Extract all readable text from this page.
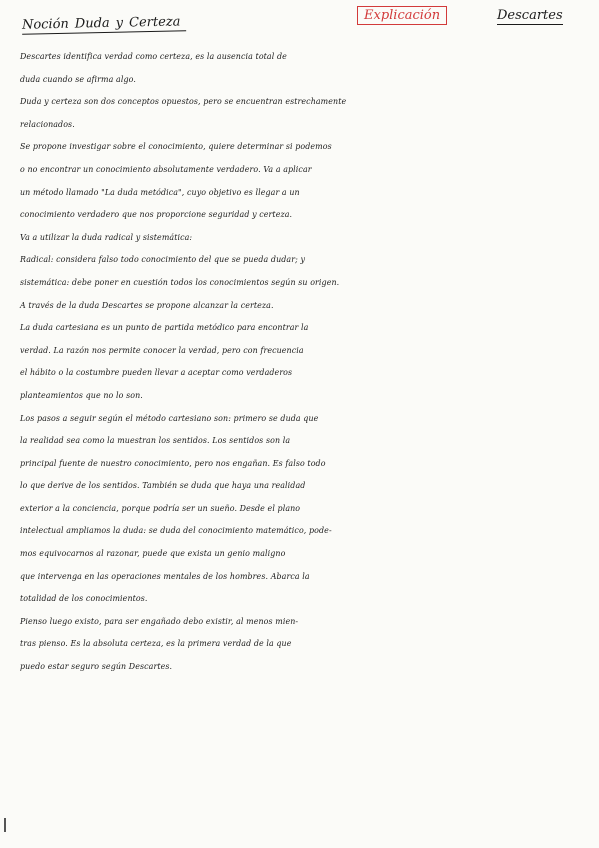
Noción Duda y Certeza	Explicación	Descartes
Descartes identifica verdad como certeza, es la ausencia total de
duda cuando se afirma algo.
Duda y certeza son dos conceptos opuestos, pero se encuentran estrechamente
relacionados.
Se propone investigar sobre el conocimiento, quiere determinar si podemos
o no encontrar un conocimiento absolutamente verdadero. Va a aplicar
un método llamado "La duda metódica", cuyo objetivo es llegar a un
conocimiento verdadero que nos proporcione seguridad y certeza.
Va a utilizar la duda radical y sistemática:
Radical: considera falso todo conocimiento del que se pueda dudar; y
sistemática: debe poner en cuestión todos los conocimientos según su origen.
A través de la duda Descartes se propone alcanzar la certeza.
La duda cartesiana es un punto de partida metódico para encontrar la
verdad. La razón nos permite conocer la verdad, pero con frecuencia
el hábito o la costumbre pueden llevar a aceptar como verdaderos
planteamientos que no lo son.
Los pasos a seguir según el método cartesiano son: primero se duda que
la realidad sea como la muestran los sentidos. Los sentidos son la
principal fuente de nuestro conocimiento, pero nos engañan. Es falso todo
lo que derive de los sentidos. También se duda que haya una realidad
exterior a la conciencia, porque podría ser un sueño. Desde el plano
intelectual ampliamos la duda: se duda del conocimiento matemático, pode-
mos equivocarnos al razonar, puede que exista un genio maligno
que intervenga en las operaciones mentales de los hombres. Abarca la
totalidad de los conocimientos.
Pienso luego existo, para ser engañado debo existir, al menos mien-
tras pienso. Es la absoluta certeza, es la primera verdad de la que
puedo estar seguro según Descartes.
